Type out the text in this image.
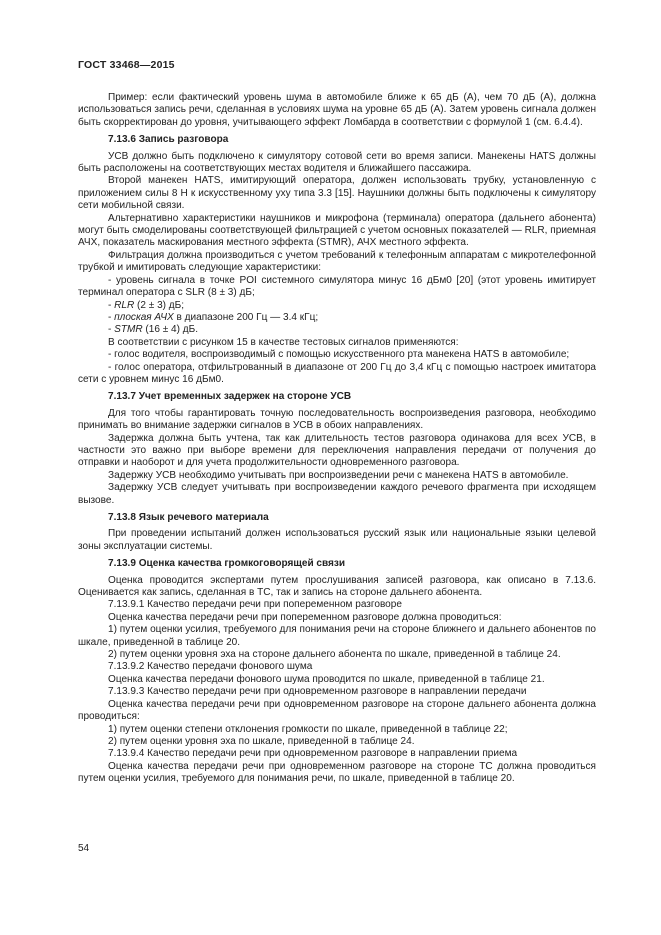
ГОСТ 33468—2015

Пример: если фактический уровень шума в автомобиле ближе к 65 дБ (А), чем 70 дБ (А), должна использоваться запись речи, сделанная в условиях шума на уровне 65 дБ (А). Затем уровень сигнала должен быть скорректирован до уровня, учитывающего эффект Ломбарда в соответствии с формулой 1 (см. 6.4.4).

7.13.6 Запись разговора

УСВ должно быть подключено к симулятору сотовой сети во время записи. Манекены HATS должны быть расположены на соответствующих местах водителя и ближайшего пассажира.

Второй манекен HATS, имитирующий оператора, должен использовать трубку, установленную с приложением силы 8 Н к искусственному уху типа 3.3 [15]. Наушники должны быть подключены к симулятору сети мобильной связи.

Альтернативно характеристики наушников и микрофона (терминала) оператора (дальнего абонента) могут быть смоделированы соответствующей фильтрацией с учетом основных показателей — RLR, приемная АЧХ, показатель маскирования местного эффекта (STMR), АЧХ местного эффекта.

Фильтрация должна производиться с учетом требований к телефонным аппаратам с микротелефонной трубкой и имитировать следующие характеристики:

- уровень сигнала в точке POI системного симулятора минус 16 дБм0 [20] (этот уровень имитирует терминал оператора с SLR (8 ± 3) дБ;

- RLR (2 ± 3) дБ;

- плоская АЧХ в диапазоне 200 Гц — 3.4 кГц;

- STMR (16 ± 4) дБ.

В соответствии с рисунком 15 в качестве тестовых сигналов применяются:

- голос водителя, воспроизводимый с помощью искусственного рта манекена HATS в автомобиле;

- голос оператора, отфильтрованный в диапазоне от 200 Гц до 3,4 кГц с помощью настроек имитатора сети с уровнем минус 16 дБм0.

7.13.7 Учет временных задержек на стороне УСВ

Для того чтобы гарантировать точную последовательность воспроизведения разговора, необходимо принимать во внимание задержки сигналов в УСВ в обоих направлениях.

Задержка должна быть учтена, так как длительность тестов разговора одинакова для всех УСВ, в частности это важно при выборе времени для переключения направления передачи от получения до отправки и наоборот и для учета продолжительности одновременного разговора.

Задержку УСВ необходимо учитывать при воспроизведении речи с манекена HATS в автомобиле.

Задержку УСВ следует учитывать при воспроизведении каждого речевого фрагмента при исходящем вызове.

7.13.8 Язык речевого материала

При проведении испытаний должен использоваться русский язык или национальные языки целевой зоны эксплуатации системы.

7.13.9 Оценка качества громкоговорящей связи

Оценка проводится экспертами путем прослушивания записей разговора, как описано в 7.13.6. Оценивается как запись, сделанная в ТС, так и запись на стороне дальнего абонента.

7.13.9.1 Качество передачи речи при попеременном разговоре

Оценка качества передачи речи при попеременном разговоре должна проводиться:

1) путем оценки усилия, требуемого для понимания речи на стороне ближнего и дальнего абонентов по шкале, приведенной в таблице 20.

2) путем оценки уровня эха на стороне дальнего абонента по шкале, приведенной в таблице 24.

7.13.9.2 Качество передачи фонового шума

Оценка качества передачи фонового шума проводится по шкале, приведенной в таблице 21.

7.13.9.3 Качество передачи речи при одновременном разговоре в направлении передачи

Оценка качества передачи речи при одновременном разговоре на стороне дальнего абонента должна проводиться:

1) путем оценки степени отклонения громкости по шкале, приведенной в таблице 22;

2) путем оценки уровня эха по шкале, приведенной в таблице 24.

7.13.9.4 Качество передачи речи при одновременном разговоре в направлении приема

Оценка качества передачи речи при одновременном разговоре на стороне ТС должна проводиться путем оценки усилия, требуемого для понимания речи, по шкале, приведенной в таблице 20.

54
